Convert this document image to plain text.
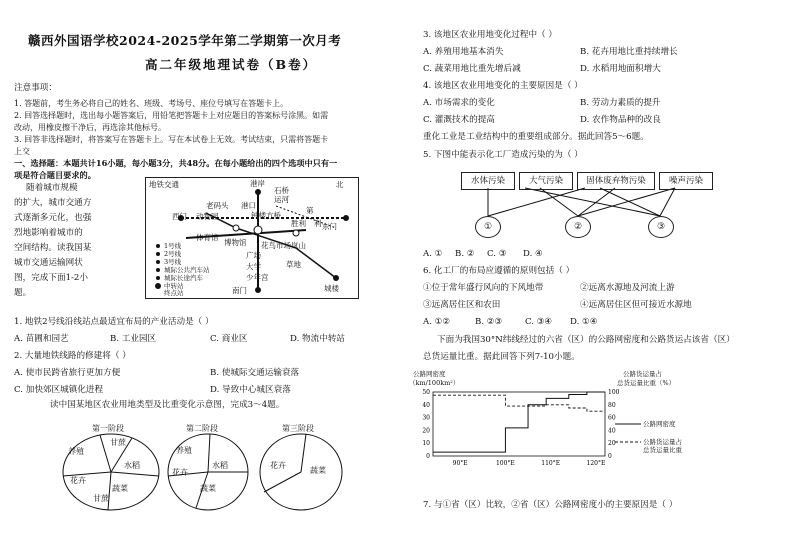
赣西外国语学校2024-2025学年第二学期第一次月考
高二年级地理试卷（B卷）
注意事项：
1. 答题前，考生务必将自己的姓名、班级、考场号、座位号填写在答题卡上。
2. 回答选择题时，选出每小题答案后，用铅笔把答题卡上对应题目的答案标号涂黑。如需
改动，用橡皮擦干净后，再选涂其他标号。
3. 回答非选择题时，将答案写在答题卡上。写在本试卷上无效。考试结束，只需将答题卡
上交
一、选择题：本题共计16小题，每小题3分，共48分。在每小题给出的四个选项中只有一
项是符合题目要求的。
随着城市规模
的扩大，城市交通方
式逐渐多元化，也强
烈地影响着城市的
空间结构。读我国某
城市交通运输网状
图，完成下面1-2小
题。
地铁交通	北
港岸
石桥
运河
老码头 港口
钟楼方桥
第
胜利 利
西门 动物园
体育馆
博物馆 花鸟市场 岚山
东门
广场
大学
少年宫
草地
城楼
南门
1号线
2号线
3号线
城际公共汽车站
城际长途汽车
中转站
终点站
1. 地铁2号线沿线站点最适宜布局的产业活动是（ ）
A. 苗圃和园艺	B. 工业园区	C. 商业区	D. 物流中转站
2. 大量地铁线路的修建将（ ）
A. 使市民跨省旅行更加方便	B. 使城际交通运输衰落
C. 加快郊区城镇化进程	D. 导致中心城区衰落
读中国某地区农业用地类型及比重变化示意图，完成3～4题。
第一阶段
养殖
甘蔗
水稻
蔬菜
花卉
甘蔗
第二阶段
养殖
水稻
花卉
蔬菜
第三阶段
花卉
蔬菜
3. 该地区农业用地变化过程中（ ）
A. 养殖用地基本消失	B. 花卉用地比重持续增长
C. 蔬菜用地比重先增后减	D. 水稻用地面积增大
4. 该地区农业用地变化的主要原因是（ ）
A. 市场需求的变化	B. 劳动力素质的提升
C. 灌溉技术的提高	D. 农作物品种的改良
重化工业是工业结构中的重要组成部分。据此回答5～6题。
5. 下图中能表示化工厂造成污染的为（ ）
水体污染	大气污染	固体废弃物污染	噪声污染
①	②	③
A. ① B. ② C. ③ D. ④
6. 化工厂的布局应遵循的原则包括（ ）
①位于常年盛行风向的下风地带	②远离水源地及河流上游
③远离居住区和农田	④远离居住区但可接近水源地
A. ①②	B. ②③	C. ③④ D. ①④
下面为我国30°N纬线经过的六省（区）的公路网密度和公路货运占该省（区）
总货运量比重。据此回答下列7-10小题。
公路网密度
（km/100km²）
公路货运量占
总货运量比重（%）
50
40
30
20
10
0
100
80
60
40
20
0
90°E	100°E	110°E	120°E
公路网密度
公路货运量占
总货运量比重
7. 与①省（区）比较，②省（区）公路网密度小的主要原因是（ ）
